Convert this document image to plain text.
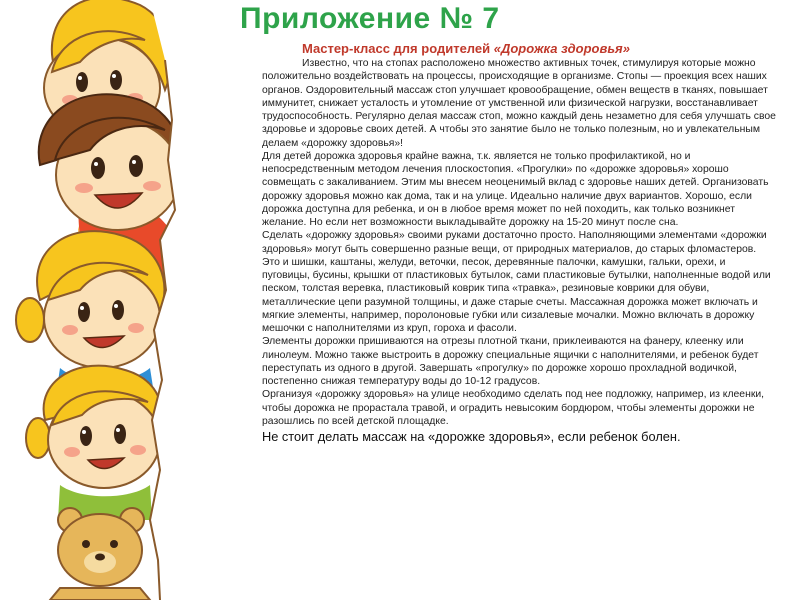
Приложение № 7
Мастер-класс для родителей «Дорожка здоровья»

Известно, что на стопах расположено множество активных точек, стимулируя которые можно положительно воздействовать на процессы, происходящие в организме. Стопы — проекция всех наших органов. Оздоровительный массаж стоп улучшает кровообращение, обмен веществ в тканях, повышает иммунитет, снижает усталость и утомление от умственной или физической нагрузки, восстанавливает трудоспособность. Регулярно делая массаж стоп, можно каждый день незаметно для себя улучшать свое здоровье и здоровье своих детей. А чтобы это занятие было не только полезным, но и увлекательным делаем «дорожку здоровья»!

Для детей дорожка здоровья крайне важна, т.к. является не только профилактикой, но и непосредственным методом лечения плоскостопия. «Прогулки» по «дорожке здоровья» хорошо совмещать с закаливанием. Этим мы внесем неоценимый вклад с здоровье наших детей. Организовать дорожку здоровья можно как дома, так и на улице. Идеально наличие двух вариантов. Хорошо, если дорожка доступна для ребенка, и он в любое время может по ней походить, как только возникнет желание. Но если нет возможности выкладывайте дорожку на 15-20 минут после сна.

Сделать «дорожку здоровья» своими руками достаточно просто. Наполняющими элементами «дорожки здоровья» могут быть совершенно разные вещи, от природных материалов, до старых фломастеров. Это и шишки, каштаны, желуди, веточки, песок, деревянные палочки, камушки, гальки, орехи, и пуговицы, бусины, крышки от пластиковых бутылок, сами пластиковые бутылки, наполненные водой или песком, толстая веревка, пластиковый коврик типа «травка», резиновые коврики для обуви, металлические цепи разумной толщины, и даже старые счеты. Массажная дорожка может включать и мягкие элементы, например, поролоновые губки или сизалевые мочалки. Можно включать в дорожку мешочки с наполнителями из круп, гороха и фасоли.

Элементы дорожки пришиваются на отрезы плотной ткани, приклеиваются на фанеру, клеенку или линолеум. Можно также выстроить в дорожку специальные ящички с наполнителями, и ребенок будет переступать из одного в другой. Завершать «прогулку» по дорожке хорошо прохладной водичкой, постепенно снижая температуру воды до 10-12 градусов.

Организуя «дорожку здоровья» на улице необходимо сделать под нее подложку, например, из клеенки, чтобы дорожка не прорастала травой, и оградить невысоким бордюром, чтобы элементы дорожки не разошлись по всей детской площадке.

Не стоит делать массаж на «дорожке здоровья», если ребенок болен.
